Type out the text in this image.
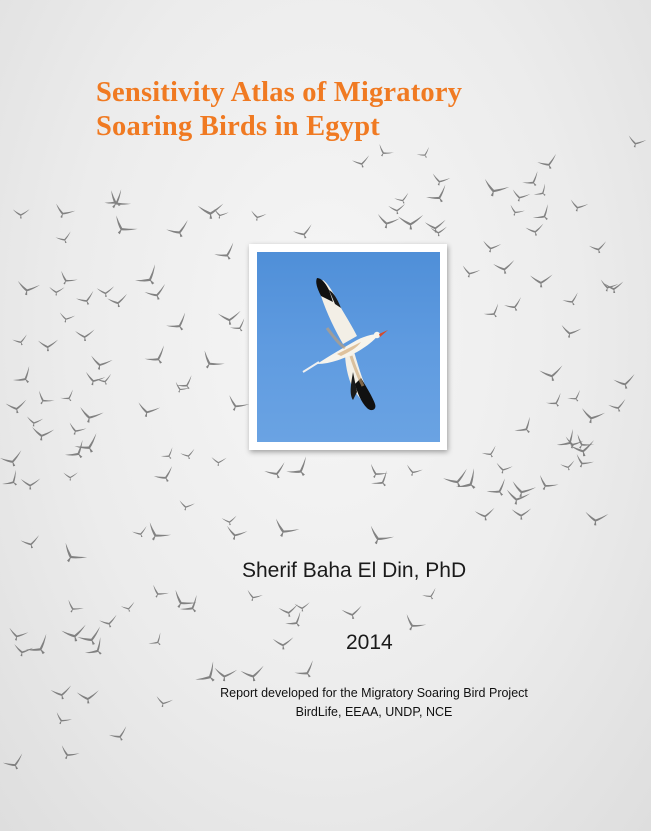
Sensitivity Atlas of Migratory
Soaring Birds in Egypt
Sherif Baha El Din, PhD
2014
Report developed for the Migratory Soaring Bird Project
BirdLife, EEAA, UNDP, NCE
